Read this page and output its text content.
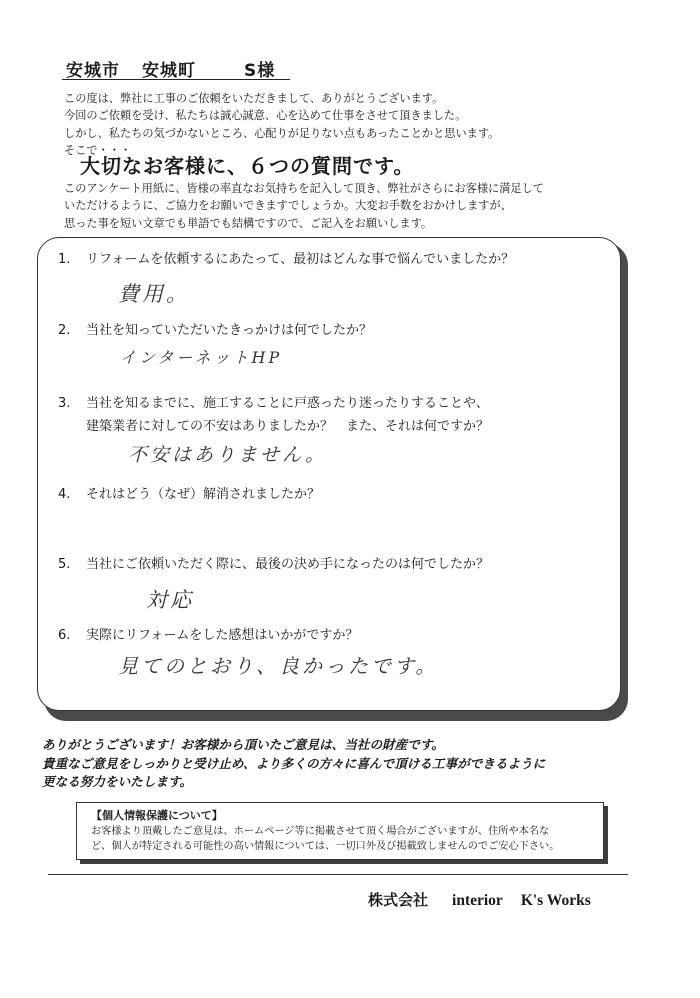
安城市 安城町	S様
この度は、弊社に工事のご依頼をいただきまして、ありがとうございます。
今回のご依頼を受け、私たちは誠心誠意、心を込めて仕事をさせて頂きました。
しかし、私たちの気づかないところ、心配りが足りない点もあったことかと思います。
そこで・・・
大切なお客様に、６つの質問です。
このアンケート用紙に、皆様の率直なお気持ちを記入して頂き、弊社がさらにお客様に満足して
いただけるように、ご協力をお願いできますでしょうか。大変お手数をおかけしますが、
思った事を短い文章でも単語でも結構ですので、ご記入をお願いします。
1. リフォームを依頼するにあたって、最初はどんな事で悩んでいましたか？
費用。
2. 当社を知っていただいたきっかけは何でしたか？
インターネットHP
3. 当社を知るまでに、施工することに戸惑ったり迷ったりすることや、
建築業者に対しての不安はありましたか？　また、それは何ですか？
不安はありません。
4. それはどう（なぜ）解消されましたか？
5. 当社にご依頼いただく際に、最後の決め手になったのは何でしたか？
対応
6. 実際にリフォームをした感想はいかがですか？
見てのとおり、良かったです。
ありがとうございます！お客様から頂いたご意見は、当社の財産です。
貴重なご意見をしっかりと受け止め、より多くの方々に喜んで頂ける工事ができるように
更なる努力をいたします。
【個人情報保護について】
お客様より頂戴したご意見は、ホームページ等に掲載させて頂く場合がございますが、住所や本名な
ど、個人が特定される可能性の高い情報については、一切口外及び掲載致しませんのでご安心下さい。
株式会社 interior K's Works
